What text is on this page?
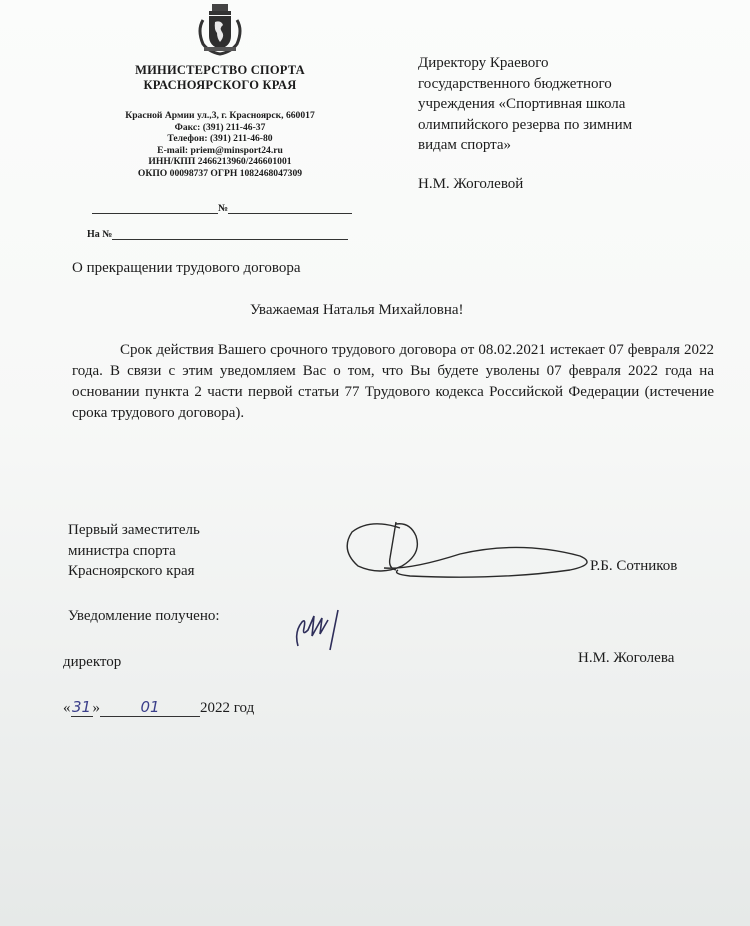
МИНИСТЕРСТВО СПОРТА
КРАСНОЯРСКОГО КРАЯ
Красной Армии ул.,3, г. Красноярск, 660017
Факс: (391) 211-46-37
Телефон: (391) 211-46-80
E-mail: priem@minsport24.ru
ИНН/КПП 2466213960/246601001
ОКПО 00098737 ОГРН 1082468047309
№
На №
Директору Краевого
государственного бюджетного
учреждения «Спортивная школа
олимпийского резерва по зимним
видам спорта»
Н.М. Жоголевой
О прекращении трудового договора
Уважаемая Наталья Михайловна!
Срок действия Вашего срочного трудового договора от 08.02.2021 истекает 07 февраля 2022 года. В связи с этим уведомляем Вас о том, что Вы будете уволены 07 февраля 2022 года на основании пункта 2 части первой статьи 77 Трудового кодекса Российской Федерации (истечение срока трудового договора).
Первый заместитель
министра спорта
Красноярского края	Р.Б. Сотников
Уведомление получено:
директор	Н.М. Жоголева
«31»	01	2022 год
